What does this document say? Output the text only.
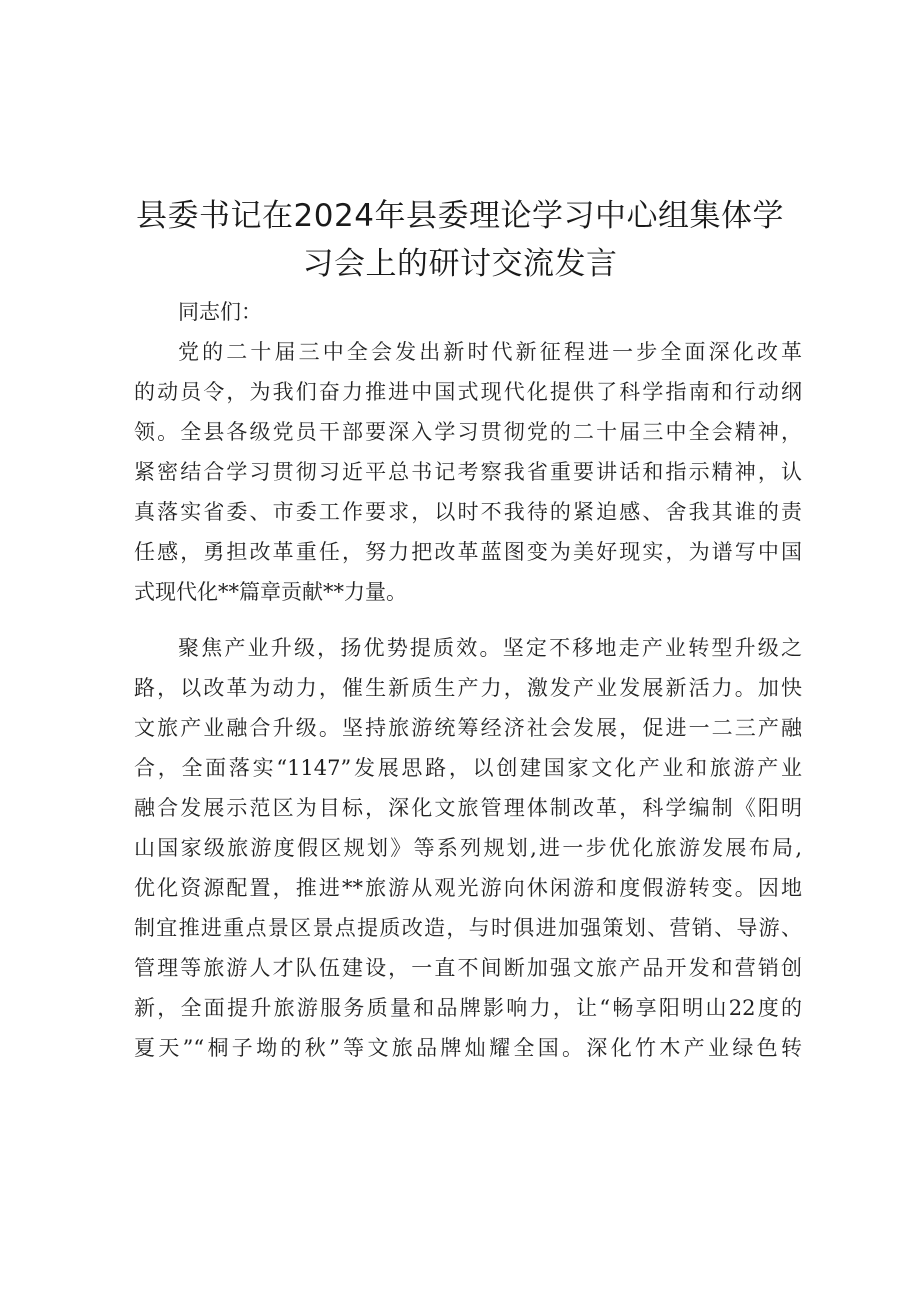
县委书记在2024年县委理论学习中心组集体学
习会上的研讨交流发言

同志们：

党的二十届三中全会发出新时代新征程进一步全面深化改革
的动员令，为我们奋力推进中国式现代化提供了科学指南和行动纲
领。全县各级党员干部要深入学习贯彻党的二十届三中全会精神，
紧密结合学习贯彻习近平总书记考察我省重要讲话和指示精神，认
真落实省委、市委工作要求，以时不我待的紧迫感、舍我其谁的责
任感，勇担改革重任，努力把改革蓝图变为美好现实，为谱写中国
式现代化**篇章贡献**力量。
聚焦产业升级，扬优势提质效。坚定不移地走产业转型升级之
路，以改革为动力，催生新质生产力，激发产业发展新活力。加快
文旅产业融合升级。坚持旅游统筹经济社会发展，促进一二三产融
合，全面落实“1147”发展思路，以创建国家文化产业和旅游产业
融合发展示范区为目标，深化文旅管理体制改革，科学编制《阳明
山国家级旅游度假区规划》等系列规划,进一步优化旅游发展布局,
优化资源配置，推进**旅游从观光游向休闲游和度假游转变。因地
制宜推进重点景区景点提质改造，与时俱进加强策划、营销、导游、
管理等旅游人才队伍建设，一直不间断加强文旅产品开发和营销创
新，全面提升旅游服务质量和品牌影响力，让“畅享阳明山22度的
夏天”“桐子坳的秋”等文旅品牌灿耀全国。深化竹木产业绿色转
